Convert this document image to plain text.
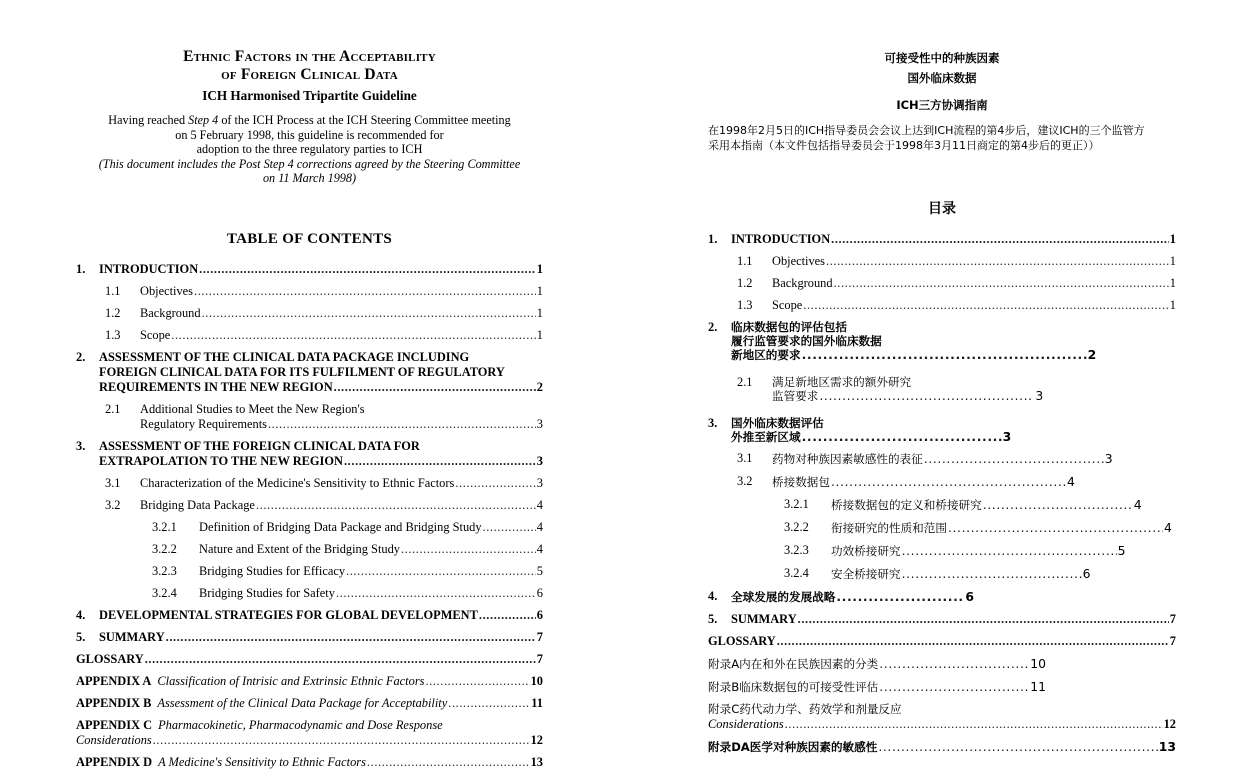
Ethnic Factors in the Acceptability
of Foreign Clinical Data
ICH Harmonised Tripartite Guideline
Having reached Step 4 of the ICH Process at the ICH Steering Committee meeting
on 5 February 1998, this guideline is recommended for
adoption to the three regulatory parties to ICH
(This document includes the Post Step 4 corrections agreed by the Steering Committee
on 11 March 1998)
TABLE OF CONTENTS
1.	INTRODUCTION .....	1
1.1	Objectives .....	1
1.2	Background .....	1
1.3	Scope .....	1
2.	ASSESSMENT OF THE CLINICAL DATA PACKAGE INCLUDING
FOREIGN CLINICAL DATA FOR ITS FULFILMENT OF REGULATORY
REQUIREMENTS IN THE NEW REGION .....	2
2.1	Additional Studies to Meet the New Region's
Regulatory Requirements .....	3
3.	ASSESSMENT OF THE FOREIGN CLINICAL DATA FOR
EXTRAPOLATION TO THE NEW REGION .....	3
3.1	Characterization of the Medicine's Sensitivity to Ethnic Factors .....	3
3.2	Bridging Data Package .....	4
3.2.1	Definition of Bridging Data Package and Bridging Study .....	4
3.2.2	Nature and Extent of the Bridging Study .....	4
3.2.3	Bridging Studies for Efficacy .....	5
3.2.4	Bridging Studies for Safety .....	6
4.	DEVELOPMENTAL STRATEGIES FOR GLOBAL DEVELOPMENT .....	6
5.	SUMMARY .....	7
GLOSSARY .....	7
APPENDIX A Classification of Intrisic and Extrinsic Ethnic Factors .....	10
APPENDIX B Assessment of the Clinical Data Package for Acceptability .....	11
APPENDIX C Pharmacokinetic, Pharmacodynamic and Dose Response
Considerations .....	12
APPENDIX D A Medicine's Sensitivity to Ethnic Factors .....	13
可接受性中的种族因素
国外临床数据
ICH三方协调指南
在1998年2月5日的ICH指导委员会会议上达到ICH流程的第4步后，建议ICH的三个监管方
采用本指南（本文件包括指导委员会于1998年3月11日商定的第4步后的更正））
目录
1.	INTRODUCTION .....	1
1.1	Objectives .....	1
1.2	Background .....	1
1.3	Scope .....	1
2.	临床数据包的评估包括
履行监管要求的国外临床数据
新地区的要求 .....	2
2.1	满足新地区需求的额外研究
监管要求 .....	3
3.	国外临床数据评估
外推至新区域 .....	3
3.1	药物对种族因素敏感性的表征 .....	3
3.2	桥接数据包 .....	4
3.2.1	桥接数据包的定义和桥接研究 .....	4
3.2.2	衔接研究的性质和范围 .....	4
3.2.3	功效桥接研究 .....	5
3.2.4	安全桥接研究 .....	6
4.	全球发展的发展战略 .....	6
5.	SUMMARY .....	7
GLOSSARY .....	7
附录A内在和外在民族因素的分类 .....	10
附录B临床数据包的可接受性评估 .....	11
附录C药代动力学、药效学和剂量反应
Considerations .....	12
附录DA医学对种族因素的敏感性 .....	13
